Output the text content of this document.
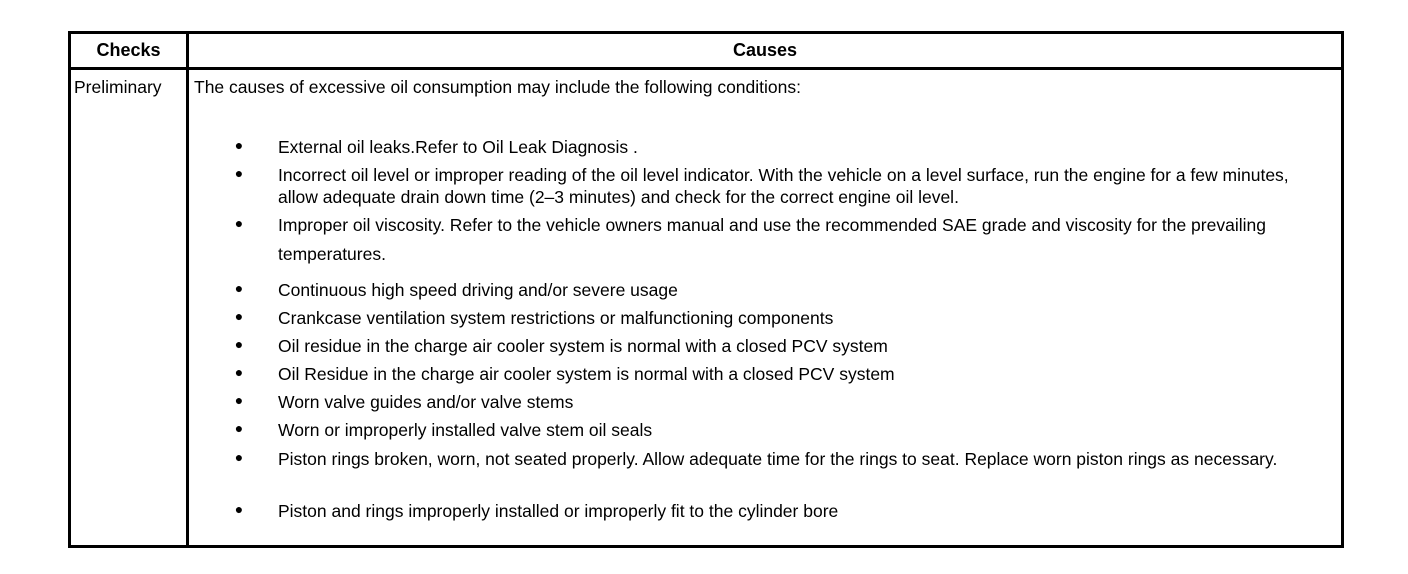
Checks	Causes
Preliminary	The causes of excessive oil consumption may include the following conditions:
● External oil leaks.Refer to Oil Leak Diagnosis .
● Incorrect oil level or improper reading of the oil level indicator. With the vehicle on a level surface, run the engine for a few minutes, allow adequate drain down time (2–3 minutes) and check for the correct engine oil level.
● Improper oil viscosity. Refer to the vehicle owners manual and use the recommended SAE grade and viscosity for the prevailing temperatures.
● Continuous high speed driving and/or severe usage
● Crankcase ventilation system restrictions or malfunctioning components
● Oil residue in the charge air cooler system is normal with a closed PCV system
● Oil Residue in the charge air cooler system is normal with a closed PCV system
● Worn valve guides and/or valve stems
● Worn or improperly installed valve stem oil seals
● Piston rings broken, worn, not seated properly. Allow adequate time for the rings to seat. Replace worn piston rings as necessary.
● Piston and rings improperly installed or improperly fit to the cylinder bore
